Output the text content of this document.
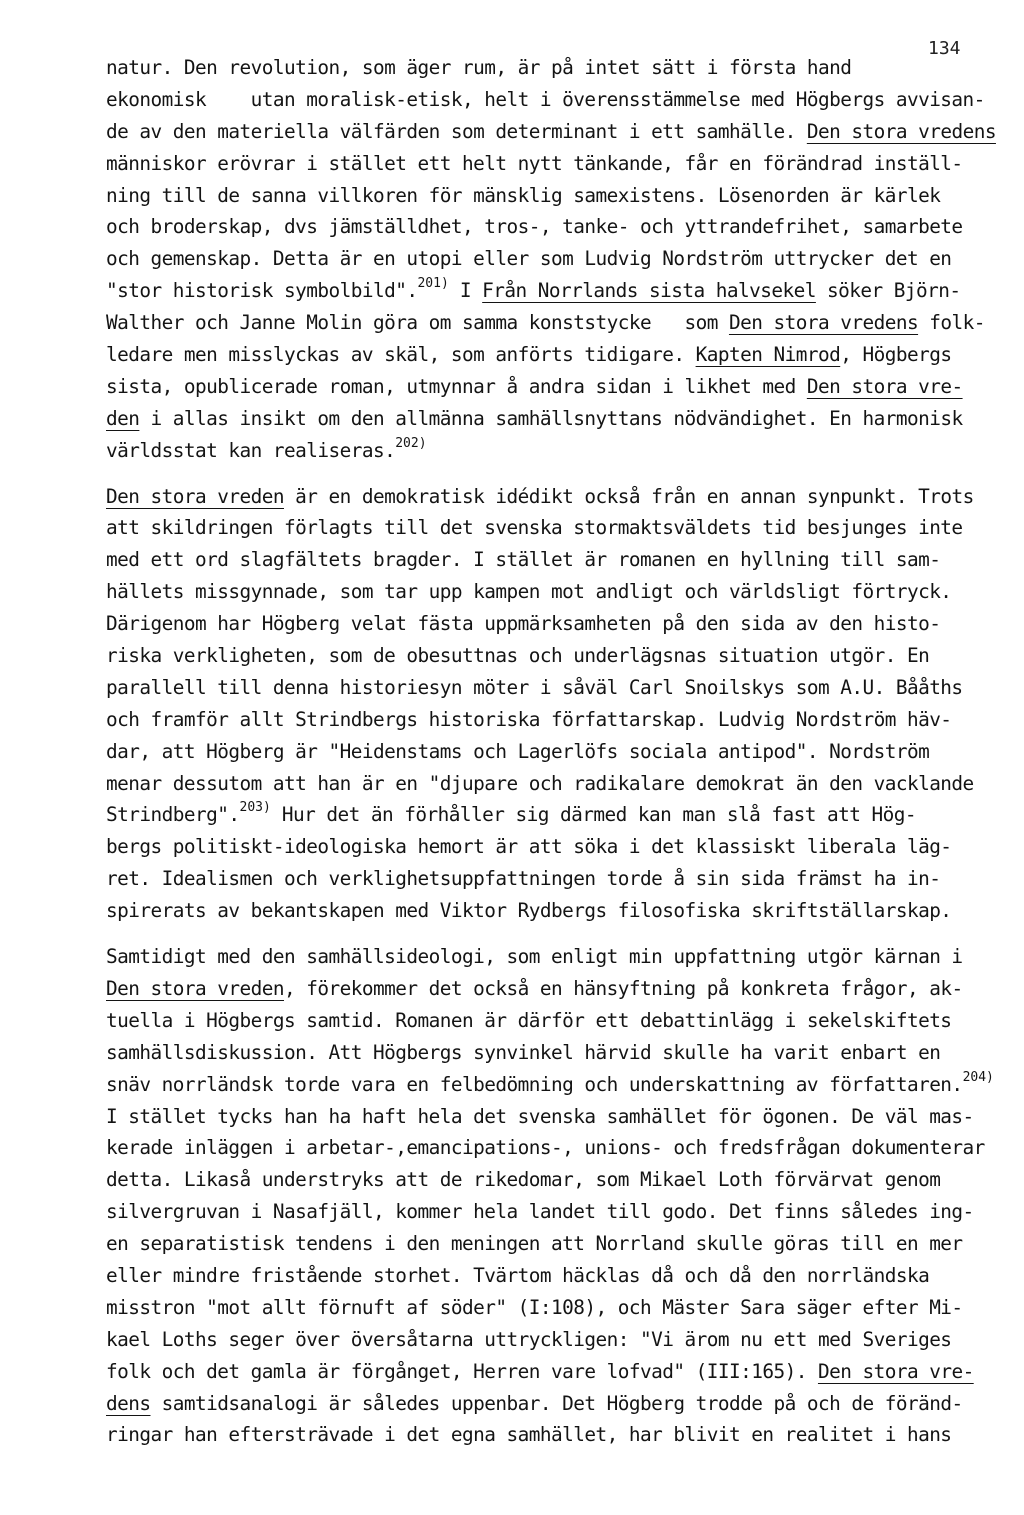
134
natur. Den revolution, som äger rum, är på intet sätt i första hand
ekonomisk    utan moralisk-etisk, helt i överensstämmelse med Högbergs avvisan-
de av den materiella välfärden som determinant i ett samhälle. Den stora vredens
människor erövrar i stället ett helt nytt tänkande, får en förändrad inställ-
ning till de sanna villkoren för mänsklig samexistens. Lösenorden är kärlek
och broderskap, dvs jämställdhet, tros-, tanke- och yttrandefrihet, samarbete
och gemenskap. Detta är en utopi eller som Ludvig Nordström uttrycker det en
"stor historisk symbolbild".$^{201)}$ I Från Norrlands sista halvsekel söker Björn-
Walther och Janne Molin göra om samma konststycke   som Den stora vredens folk-
ledare men misslyckas av skäl, som anförts tidigare. Kapten Nimrod, Högbergs
sista, opublicerade roman, utmynnar å andra sidan i likhet med Den stora vre-
den i allas insikt om den allmänna samhällsnyttans nödvändighet. En harmonisk
världsstat kan realiseras.$^{202)}$
Den stora vreden är en demokratisk idédikt också från en annan synpunkt. Trots
att skildringen förlagts till det svenska stormaktsväldets tid besjunges inte
med ett ord slagfältets bragder. I stället är romanen en hyllning till sam-
hällets missgynnade, som tar upp kampen mot andligt och världsligt förtryck.
Därigenom har Högberg velat fästa uppmärksamheten på den sida av den histo-
riska verkligheten, som de obesuttnas och underlägsnas situation utgör. En
parallell till denna historiesyn möter i såväl Carl Snoilskys som A.U. Bååths
och framför allt Strindbergs historiska författarskap. Ludvig Nordström häv-
dar, att Högberg är "Heidenstams och Lagerlöfs sociala antipod". Nordström
menar dessutom att han är en "djupare och radikalare demokrat än den vacklande
Strindberg".$^{203)}$ Hur det än förhåller sig därmed kan man slå fast att Hög-
bergs politiskt-ideologiska hemort är att söka i det klassiskt liberala läg-
ret. Idealismen och verklighetsuppfattningen torde å sin sida främst ha in-
spirerats av bekantskapen med Viktor Rydbergs filosofiska skriftställarskap.
Samtidigt med den samhällsideologi, som enligt min uppfattning utgör kärnan i
Den stora vreden, förekommer det också en hänsyftning på konkreta frågor, ak-
tuella i Högbergs samtid. Romanen är därför ett debattinlägg i sekelskiftets
samhällsdiskussion. Att Högbergs synvinkel härvid skulle ha varit enbart en
snäv norrländsk torde vara en felbedömning och underskattning av författaren.$^{204)}$
I stället tycks han ha haft hela det svenska samhället för ögonen. De väl mas-
kerade inläggen i arbetar-,emancipations-, unions- och fredsfrågan dokumenterar
detta. Likaså understryks att de rikedomar, som Mikael Loth förvärvat genom
silvergruvan i Nasafjäll, kommer hela landet till godo. Det finns således ing-
en separatistisk tendens i den meningen att Norrland skulle göras till en mer
eller mindre fristående storhet. Tvärtom häcklas då och då den norrländska
misstron "mot allt förnuft af söder" (I:108), och Mäster Sara säger efter Mi-
kael Loths seger över översåtarna uttryckligen: "Vi ärom nu ett med Sveriges
folk och det gamla är förgånget, Herren vare lofvad" (III:165). Den stora vre-
dens samtidsanalogi är således uppenbar. Det Högberg trodde på och de föränd-
ringar han eftersträvade i det egna samhället, har blivit en realitet i hans
